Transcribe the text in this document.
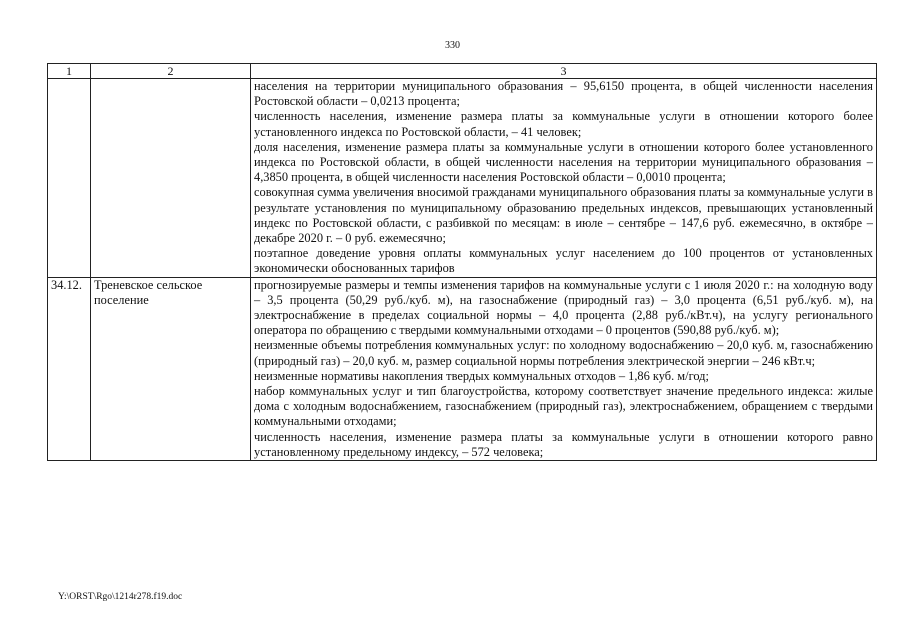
330
1	2	3

		населения на территории муниципального образования – 95,6150 процента, в общей численности населения Ростовской области – 0,0213 процента;

численность населения, изменение размера платы за коммунальные услуги в отношении которого более установленного индекса по Ростовской области, – 41 человек;

доля населения, изменение размера платы за коммунальные услуги в отношении которого более установленного индекса по Ростовской области, в общей численности населения на территории муниципального образования – 4,3850 процента, в общей численности населения Ростовской области – 0,0010 процента;

совокупная сумма увеличения вносимой гражданами муниципального образования платы за коммунальные услуги в результате установления по муниципальному образованию предельных индексов, превышающих установленный индекс по Ростовской области, с разбивкой по месяцам: в июле – сентябре – 147,6 руб. ежемесячно, в октябре – декабре 2020 г. – 0 руб. ежемесячно;

поэтапное доведение уровня оплаты коммунальных услуг населением до 100 процентов от установленных экономически обоснованных тарифов

34.12.	Треневское сельское поселение	прогнозируемые размеры и темпы изменения тарифов на коммунальные услуги с 1 июля 2020 г.: на холодную воду – 3,5 процента (50,29 руб./куб. м), на газоснабжение (природный газ) – 3,0 процента (6,51 руб./куб. м), на электроснабжение в пределах социальной нормы – 4,0 процента (2,88 руб./кВт.ч), на услугу регионального оператора по обращению с твердыми коммунальными отходами – 0 процентов (590,88 руб./куб. м);

неизменные объемы потребления коммунальных услуг: по холодному водоснабжению – 20,0 куб. м, газоснабжению (природный газ) – 20,0 куб. м, размер социальной нормы потребления электрической энергии – 246 кВт.ч;

неизменные нормативы накопления твердых коммунальных отходов – 1,86 куб. м/год;

набор коммунальных услуг и тип благоустройства, которому соответствует значение предельного индекса: жилые дома с холодным водоснабжением, газоснабжением (природный газ), электроснабжением, обращением с твердыми коммунальными отходами;

численность населения, изменение размера платы за коммунальные услуги в отношении которого равно установленному предельному индексу, – 572 человека;

Y:\ORST\Rgo\1214r278.f19.doc
